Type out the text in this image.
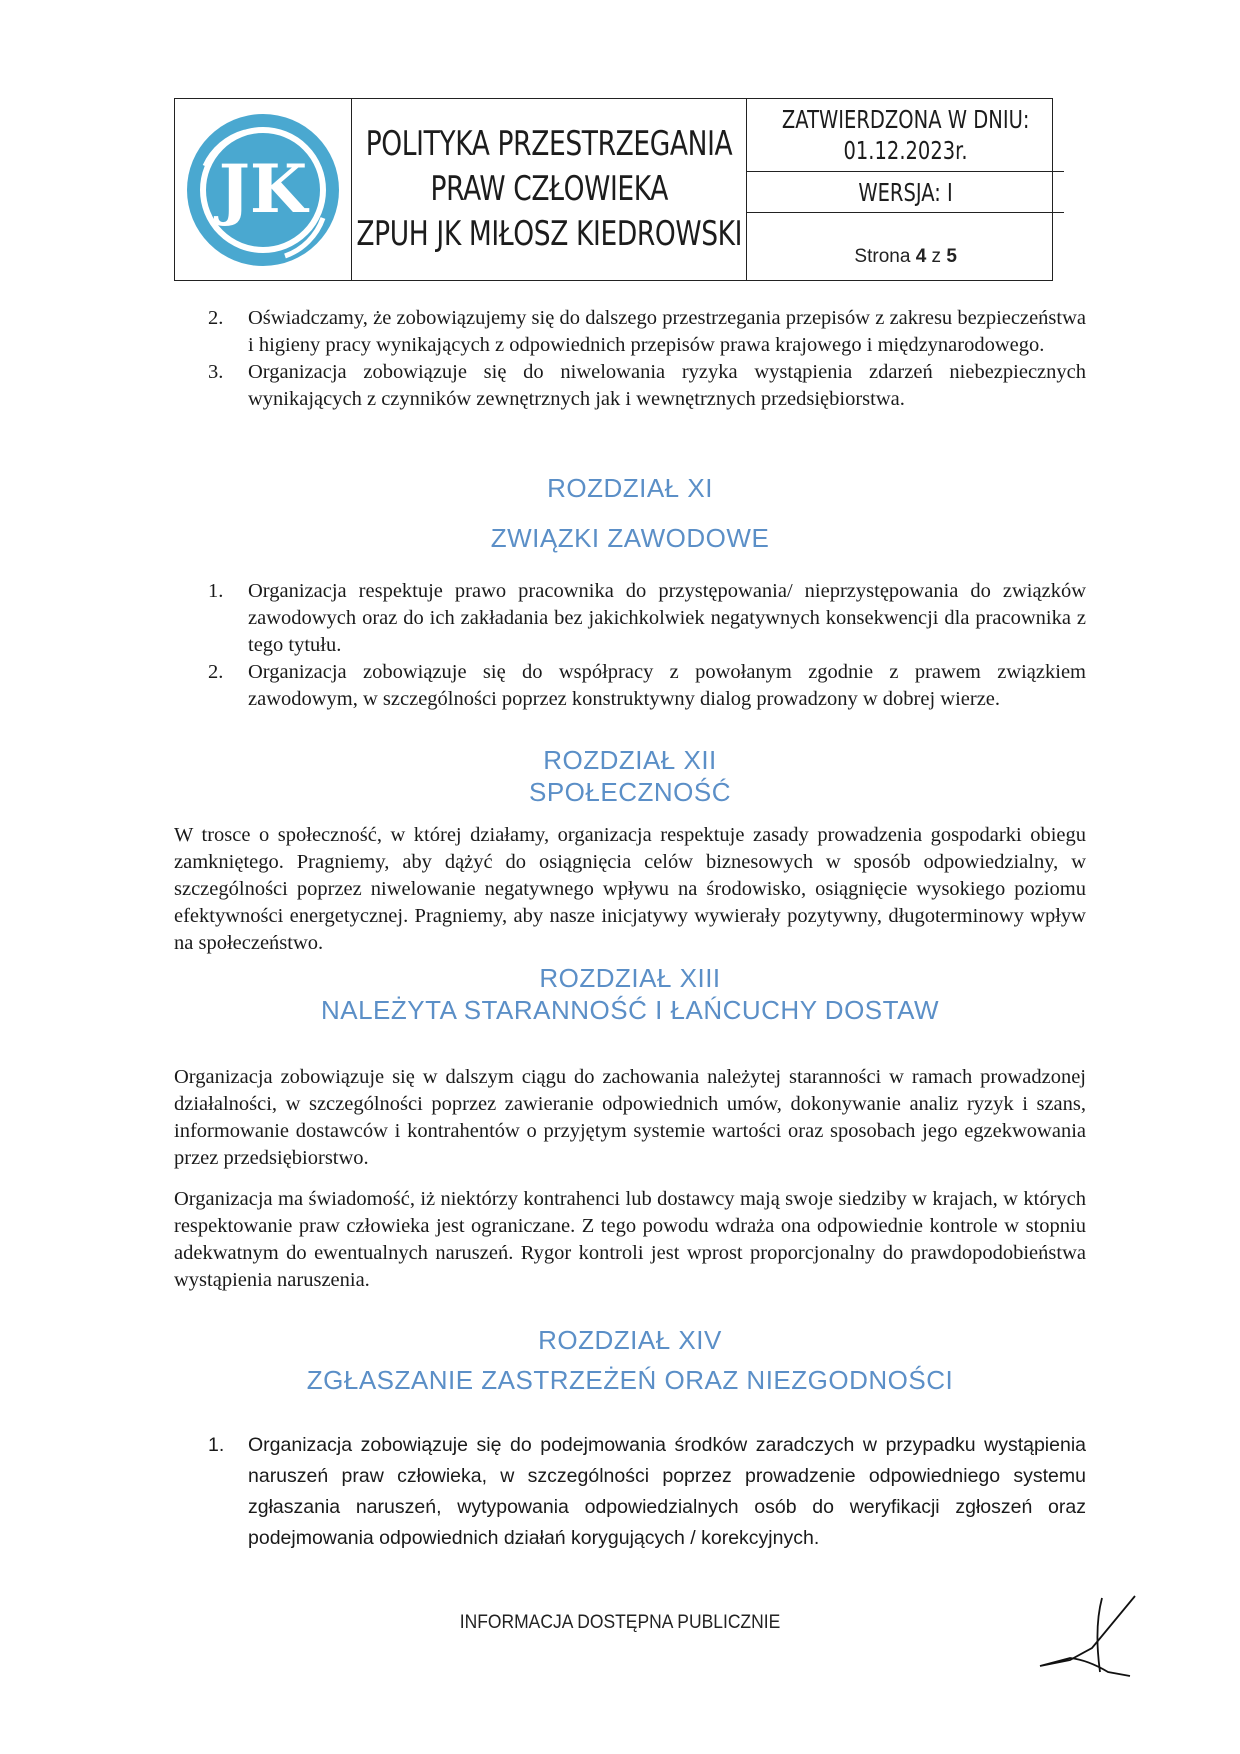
JK
POLITYKA PRZESTRZEGANIA
PRAW CZŁOWIEKA
ZPUH JK MIŁOSZ KIEDROWSKI
ZATWIERDZONA W DNIU:
01.12.2023r.
WERSJA: I
Strona 4 z 5
2. Oświadczamy, że zobowiązujemy się do dalszego przestrzegania przepisów z zakresu bezpieczeństwa i higieny pracy wynikających z odpowiednich przepisów prawa krajowego i międzynarodowego.
3. Organizacja zobowiązuje się do niwelowania ryzyka wystąpienia zdarzeń niebezpiecznych wynikających z czynników zewnętrznych jak i wewnętrznych przedsiębiorstwa.
ROZDZIAŁ XI
ZWIĄZKI ZAWODOWE
1. Organizacja respektuje prawo pracownika do przystępowania/ nieprzystępowania do związków zawodowych oraz do ich zakładania bez jakichkolwiek negatywnych konsekwencji dla pracownika z tego tytułu.
2. Organizacja zobowiązuje się do współpracy z powołanym zgodnie z prawem związkiem zawodowym, w szczególności poprzez konstruktywny dialog prowadzony w dobrej wierze.
ROZDZIAŁ XII
SPOŁECZNOŚĆ

W trosce o społeczność, w której działamy, organizacja respektuje zasady prowadzenia gospodarki obiegu zamkniętego. Pragniemy, aby dążyć do osiągnięcia celów biznesowych w sposób odpowiedzialny, w szczególności poprzez niwelowanie negatywnego wpływu na środowisko, osiągnięcie wysokiego poziomu efektywności energetycznej. Pragniemy, aby nasze inicjatywy wywierały pozytywny, długoterminowy wpływ na społeczeństwo.

ROZDZIAŁ XIII
NALEŻYTA STARANNOŚĆ I ŁAŃCUCHY DOSTAW

Organizacja zobowiązuje się w dalszym ciągu do zachowania należytej staranności w ramach prowadzonej działalności, w szczególności poprzez zawieranie odpowiednich umów, dokonywanie analiz ryzyk i szans, informowanie dostawców i kontrahentów o przyjętym systemie wartości oraz sposobach jego egzekwowania przez przedsiębiorstwo.

Organizacja ma świadomość, iż niektórzy kontrahenci lub dostawcy mają swoje siedziby w krajach, w których respektowanie praw człowieka jest ograniczane. Z tego powodu wdraża ona odpowiednie kontrole w stopniu adekwatnym do ewentualnych naruszeń. Rygor kontroli jest wprost proporcjonalny do prawdopodobieństwa wystąpienia naruszenia.

ROZDZIAŁ XIV
ZGŁASZANIE ZASTRZEŻEŃ ORAZ NIEZGODNOŚCI
1. Organizacja zobowiązuje się do podejmowania środków zaradczych w przypadku wystąpienia naruszeń praw człowieka, w szczególności poprzez prowadzenie odpowiedniego systemu zgłaszania naruszeń, wytypowania odpowiedzialnych osób do weryfikacji zgłoszeń oraz podejmowania odpowiednich działań korygujących / korekcyjnych.
INFORMACJA DOSTĘPNA PUBLICZNIE
